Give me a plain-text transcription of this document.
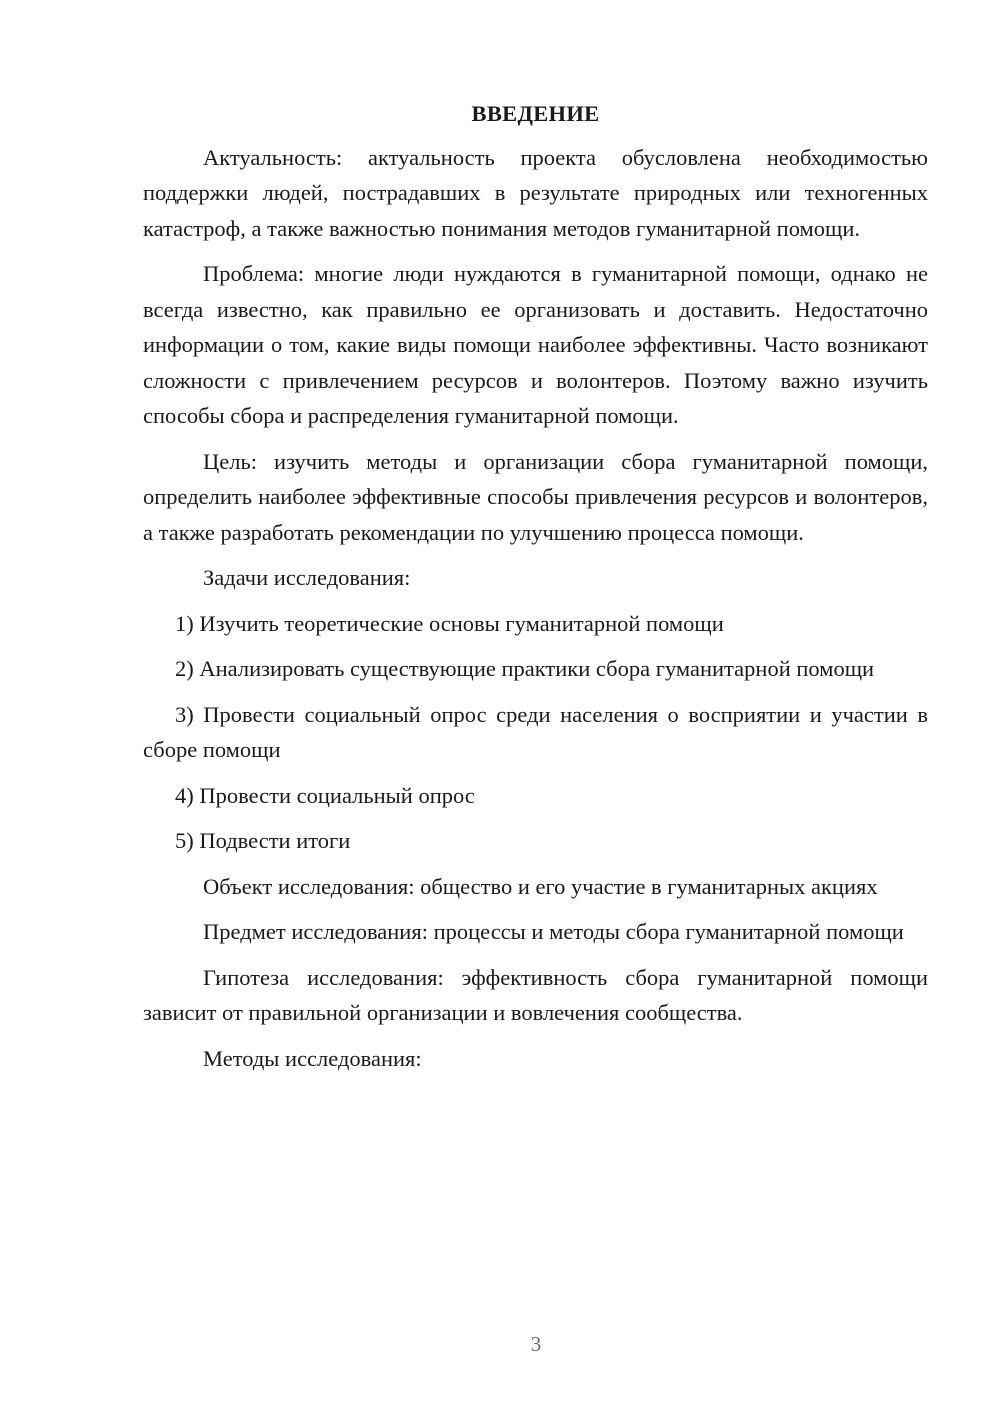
ВВЕДЕНИЕ

Актуальность: актуальность проекта обусловлена необходимостью поддержки людей, пострадавших в результате природных или техногенных катастроф, а также важностью понимания методов гуманитарной помощи.

Проблема: многие люди нуждаются в гуманитарной помощи, однако не всегда известно, как правильно ее организовать и доставить. Недостаточно информации о том, какие виды помощи наиболее эффективны. Часто возникают сложности с привлечением ресурсов и волонтеров. Поэтому важно изучить способы сбора и распределения гуманитарной помощи.

Цель: изучить методы и организации сбора гуманитарной помощи, определить наиболее эффективные способы привлечения ресурсов и волонтеров, а также разработать рекомендации по улучшению процесса помощи.

Задачи исследования:

1) Изучить теоретические основы гуманитарной помощи

2) Анализировать существующие практики сбора гуманитарной помощи

3) Провести социальный опрос среди населения о восприятии и участии в сборе помощи

4) Провести социальный опрос

5) Подвести итоги

Объект исследования: общество и его участие в гуманитарных акциях

Предмет исследования: процессы и методы сбора гуманитарной помощи

Гипотеза исследования: эффективность сбора гуманитарной помощи зависит от правильной организации и вовлечения сообщества.

Методы исследования:

3
